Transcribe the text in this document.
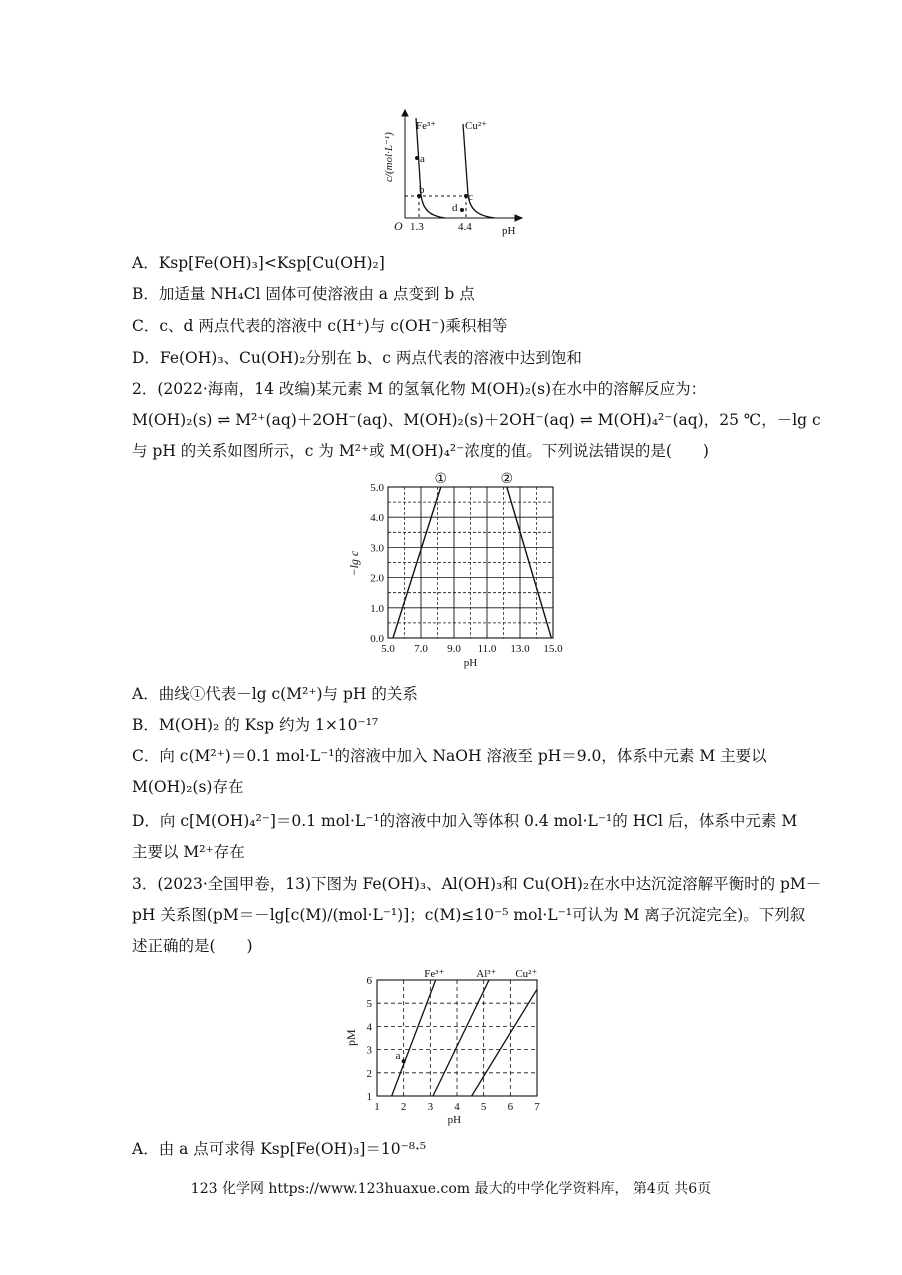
c/(mol·L⁻¹)
Fe³⁺	Cu²⁺
a
b
c
d
O 1.3	4.4	pH
A．Ksp[Fe(OH)₃]<Ksp[Cu(OH)₂]
B．加适量 NH₄Cl 固体可使溶液由 a 点变到 b 点
C．c、d 两点代表的溶液中 c(H⁺)与 c(OH⁻)乘积相等
D．Fe(OH)₃、Cu(OH)₂分别在 b、c 两点代表的溶液中达到饱和
2．(2022·海南，14 改编)某元素 M 的氢氧化物 M(OH)₂(s)在水中的溶解反应为：
M(OH)₂(s) ⇌ M²⁺(aq)＋2OH⁻(aq)、M(OH)₂(s)＋2OH⁻(aq) ⇌ M(OH)₄²⁻(aq)，25 ℃，－lg c
与 pH 的关系如图所示，c 为 M²⁺或 M(OH)₄²⁻浓度的值。下列说法错误的是(　　)
5.0
4.0
3.0
2.0
1.0
0.0
5.0 7.0 9.0 11.0 13.0 15.0
pH
−lg c
①	②
A．曲线①代表－lg c(M²⁺)与 pH 的关系
B．M(OH)₂ 的 Ksp 约为 1×10⁻¹⁷
C．向 c(M²⁺)＝0.1 mol·L⁻¹的溶液中加入 NaOH 溶液至 pH＝9.0，体系中元素 M 主要以
M(OH)₂(s)存在
D．向 c[M(OH)₄²⁻]＝0.1 mol·L⁻¹的溶液中加入等体积 0.4 mol·L⁻¹的 HCl 后，体系中元素 M
主要以 M²⁺存在
3．(2023·全国甲卷，13)下图为 Fe(OH)₃、Al(OH)₃和 Cu(OH)₂在水中达沉淀溶解平衡时的 pM－
pH 关系图(pM＝－lg[c(M)/(mol·L⁻¹)]；c(M)≤10⁻⁵ mol·L⁻¹可认为 M 离子沉淀完全)。下列叙
述正确的是(　　)
1
2
3
4
5
6
1 2 3 4 5 6 7
pH
pM
Fe³⁺	Al³⁺ Cu²⁺
a
A．由 a 点可求得 Ksp[Fe(OH)₃]＝10⁻⁸·⁵
123 化学网 https://www.123huaxue.com 最大的中学化学资料库， 第4页 共6页
